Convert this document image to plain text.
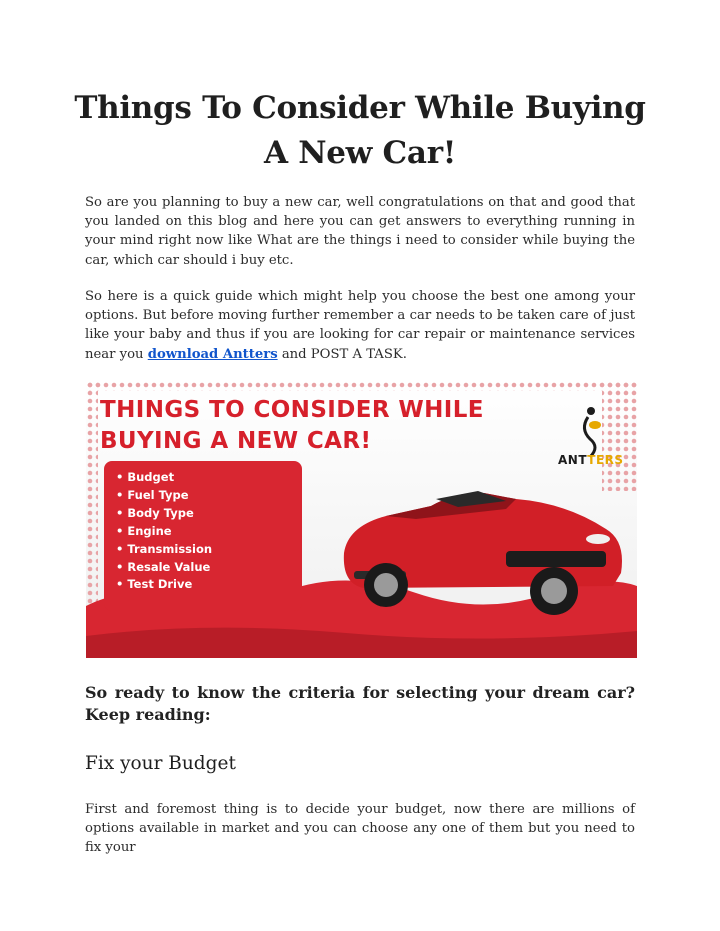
Things To Consider While Buying A New Car!

So are you planning to buy a new car, well congratulations on that and good that you landed on this blog and here you can get answers to everything running in your mind right now like What are the things i need to consider while buying the car, which car should i buy etc.

So here is a quick guide which might help you choose the best one among your options. But before moving further remember a car needs to be taken care of just like your baby and thus if you are looking for car repair or maintenance services near you download Antters and POST A TASK.

THINGS TO CONSIDER WHILE
BUYING A NEW CAR!
• Budget
• Fuel Type
• Body Type
• Engine
• Transmission
• Resale Value
• Test Drive
ANTTERS
So ready to know the criteria for selecting your dream car? Keep reading:
Fix your Budget

First and foremost thing is to decide your budget, now there are millions of options available in market and you can choose any one of them but you need to fix your
